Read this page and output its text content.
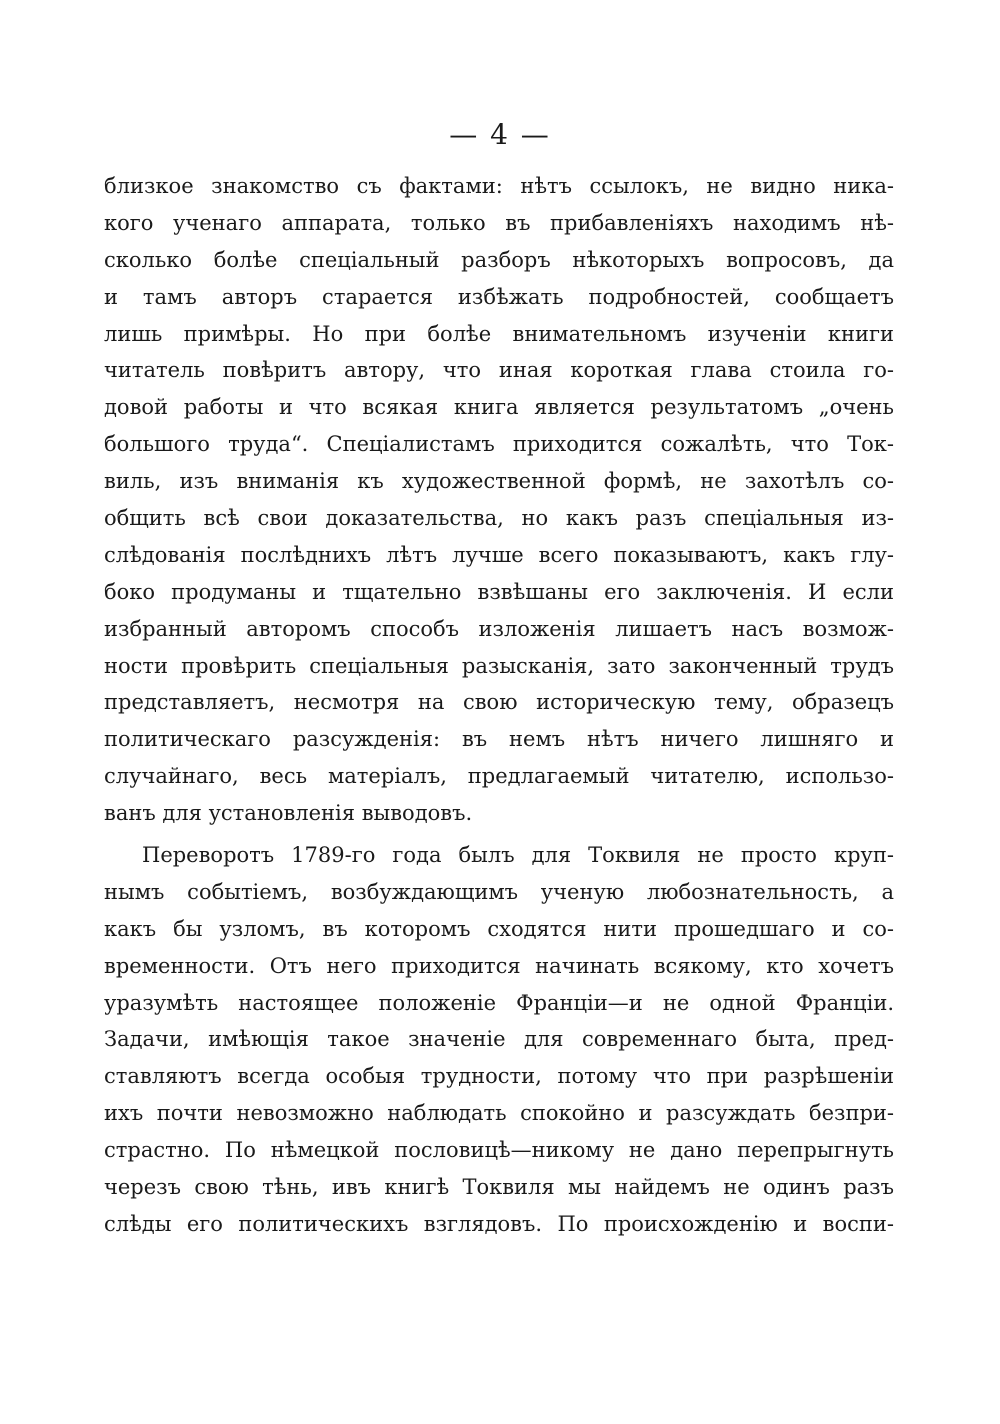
— 4 —
близкое знакомство съ фактами: нѣтъ ссылокъ, не видно ника-
кого ученаго аппарата, только въ прибавленіяхъ находимъ нѣ-
сколько болѣе спеціальный разборъ нѣкоторыхъ вопросовъ, да
и тамъ авторъ старается избѣжать подробностей, сообщаетъ
лишь примѣры. Но при болѣе внимательномъ изученіи книги
читатель повѣритъ автору, что иная короткая глава стоила го-
довой работы и что всякая книга является результатомъ „очень
большого труда“. Спеціалистамъ приходится сожалѣть, что Ток-
виль, изъ вниманія къ художественной формѣ, не захотѣлъ со-
общить всѣ свои доказательства, но какъ разъ спеціальныя из-
слѣдованія послѣднихъ лѣтъ лучше всего показываютъ, какъ глу-
боко продуманы и тщательно взвѣшаны его заключенія. И если
избранный авторомъ способъ изложенія лишаетъ насъ возмож-
ности провѣрить спеціальныя разысканія, зато законченный трудъ
представляетъ, несмотря на свою историческую тему, образецъ
политическаго разсужденія: въ немъ нѣтъ ничего лишняго и
случайнаго, весь матеріалъ, предлагаемый читателю, использо-
ванъ для установленія выводовъ.
Переворотъ 1789-го года былъ для Токвиля не просто круп-
нымъ событіемъ, возбуждающимъ ученую любознательность, а
какъ бы узломъ, въ которомъ сходятся нити прошедшаго и со-
временности. Отъ него приходится начинать всякому, кто хочетъ
уразумѣть настоящее положеніе Франціи—и не одной Франціи.
Задачи, имѣющія такое значеніе для современнаго быта, пред-
ставляютъ всегда особыя трудности, потому что при разрѣшеніи
ихъ почти невозможно наблюдать спокойно и разсуждать безпри-
страстно. По нѣмецкой пословицѣ—никому не дано перепрыгнуть
черезъ свою тѣнь, ивъ книгѣ Токвиля мы найдемъ не одинъ разъ
слѣды его политическихъ взглядовъ. По происхожденію и воспи-
